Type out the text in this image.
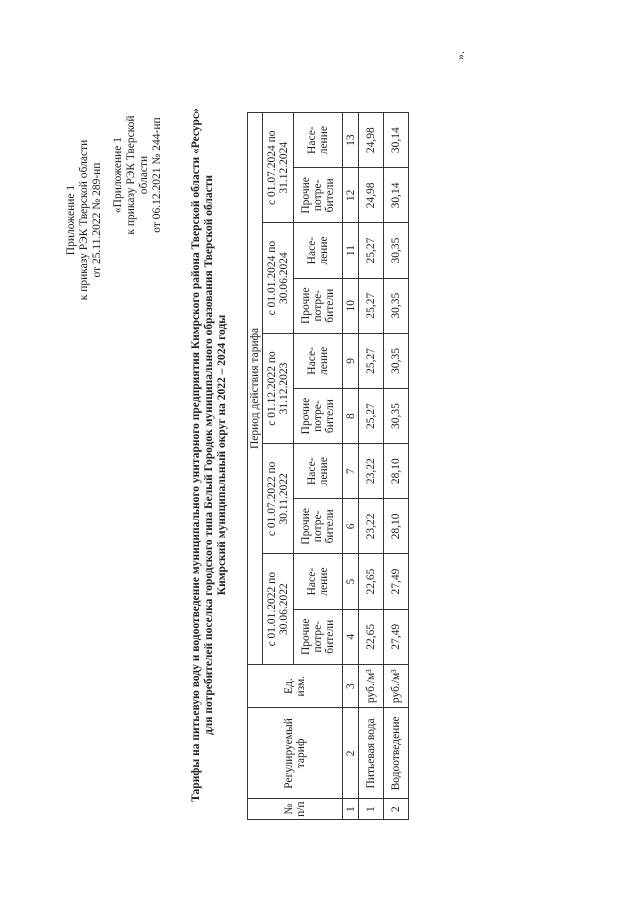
Приложение 1 к приказу РЭК Тверской области от 25.11.2022 № 289-нп «Приложение 1 к приказу РЭК Тверской области от 06.12.2021 № 244-нп Тарифы на питьевую воду и водоотведение муниципального унитарного предприятия Кимрского района Тверской области «Ресурс» для потребителей поселка городского типа Белый Городок муниципального образования Тверской области Кимрский муниципальный округ на 2022 – 2024 годы
№ п/п	Регулируемый тариф	Ед. изм.	Период действия тарифа									
			с 01.01.2022 по 30.06.2022		с 01.07.2022 по 30.11.2022		с 01.12.2022 по 31.12.2023		с 01.01.2024 по 30.06.2024		с 01.07.2024 по 31.12.2024	
			Прочие потре-бители	Насе-ление	Прочие потре-бители	Насе-ление	Прочие потре-бители	Насе-ление	Прочие потре-бители	Насе-ление	Прочие потре-бители	Насе-ление
1	2	3	4	5	6	7	8	9	10	11	12	13
1	Питьевая вода	руб./м³	22,65	22,65	23,22	23,22	25,27	25,27	25,27	25,27	24,98	24,98
2	Водоотведение	руб./м³	27,49	27,49	28,10	28,10	30,35	30,35	30,35	30,35	30,14	30,14
».
